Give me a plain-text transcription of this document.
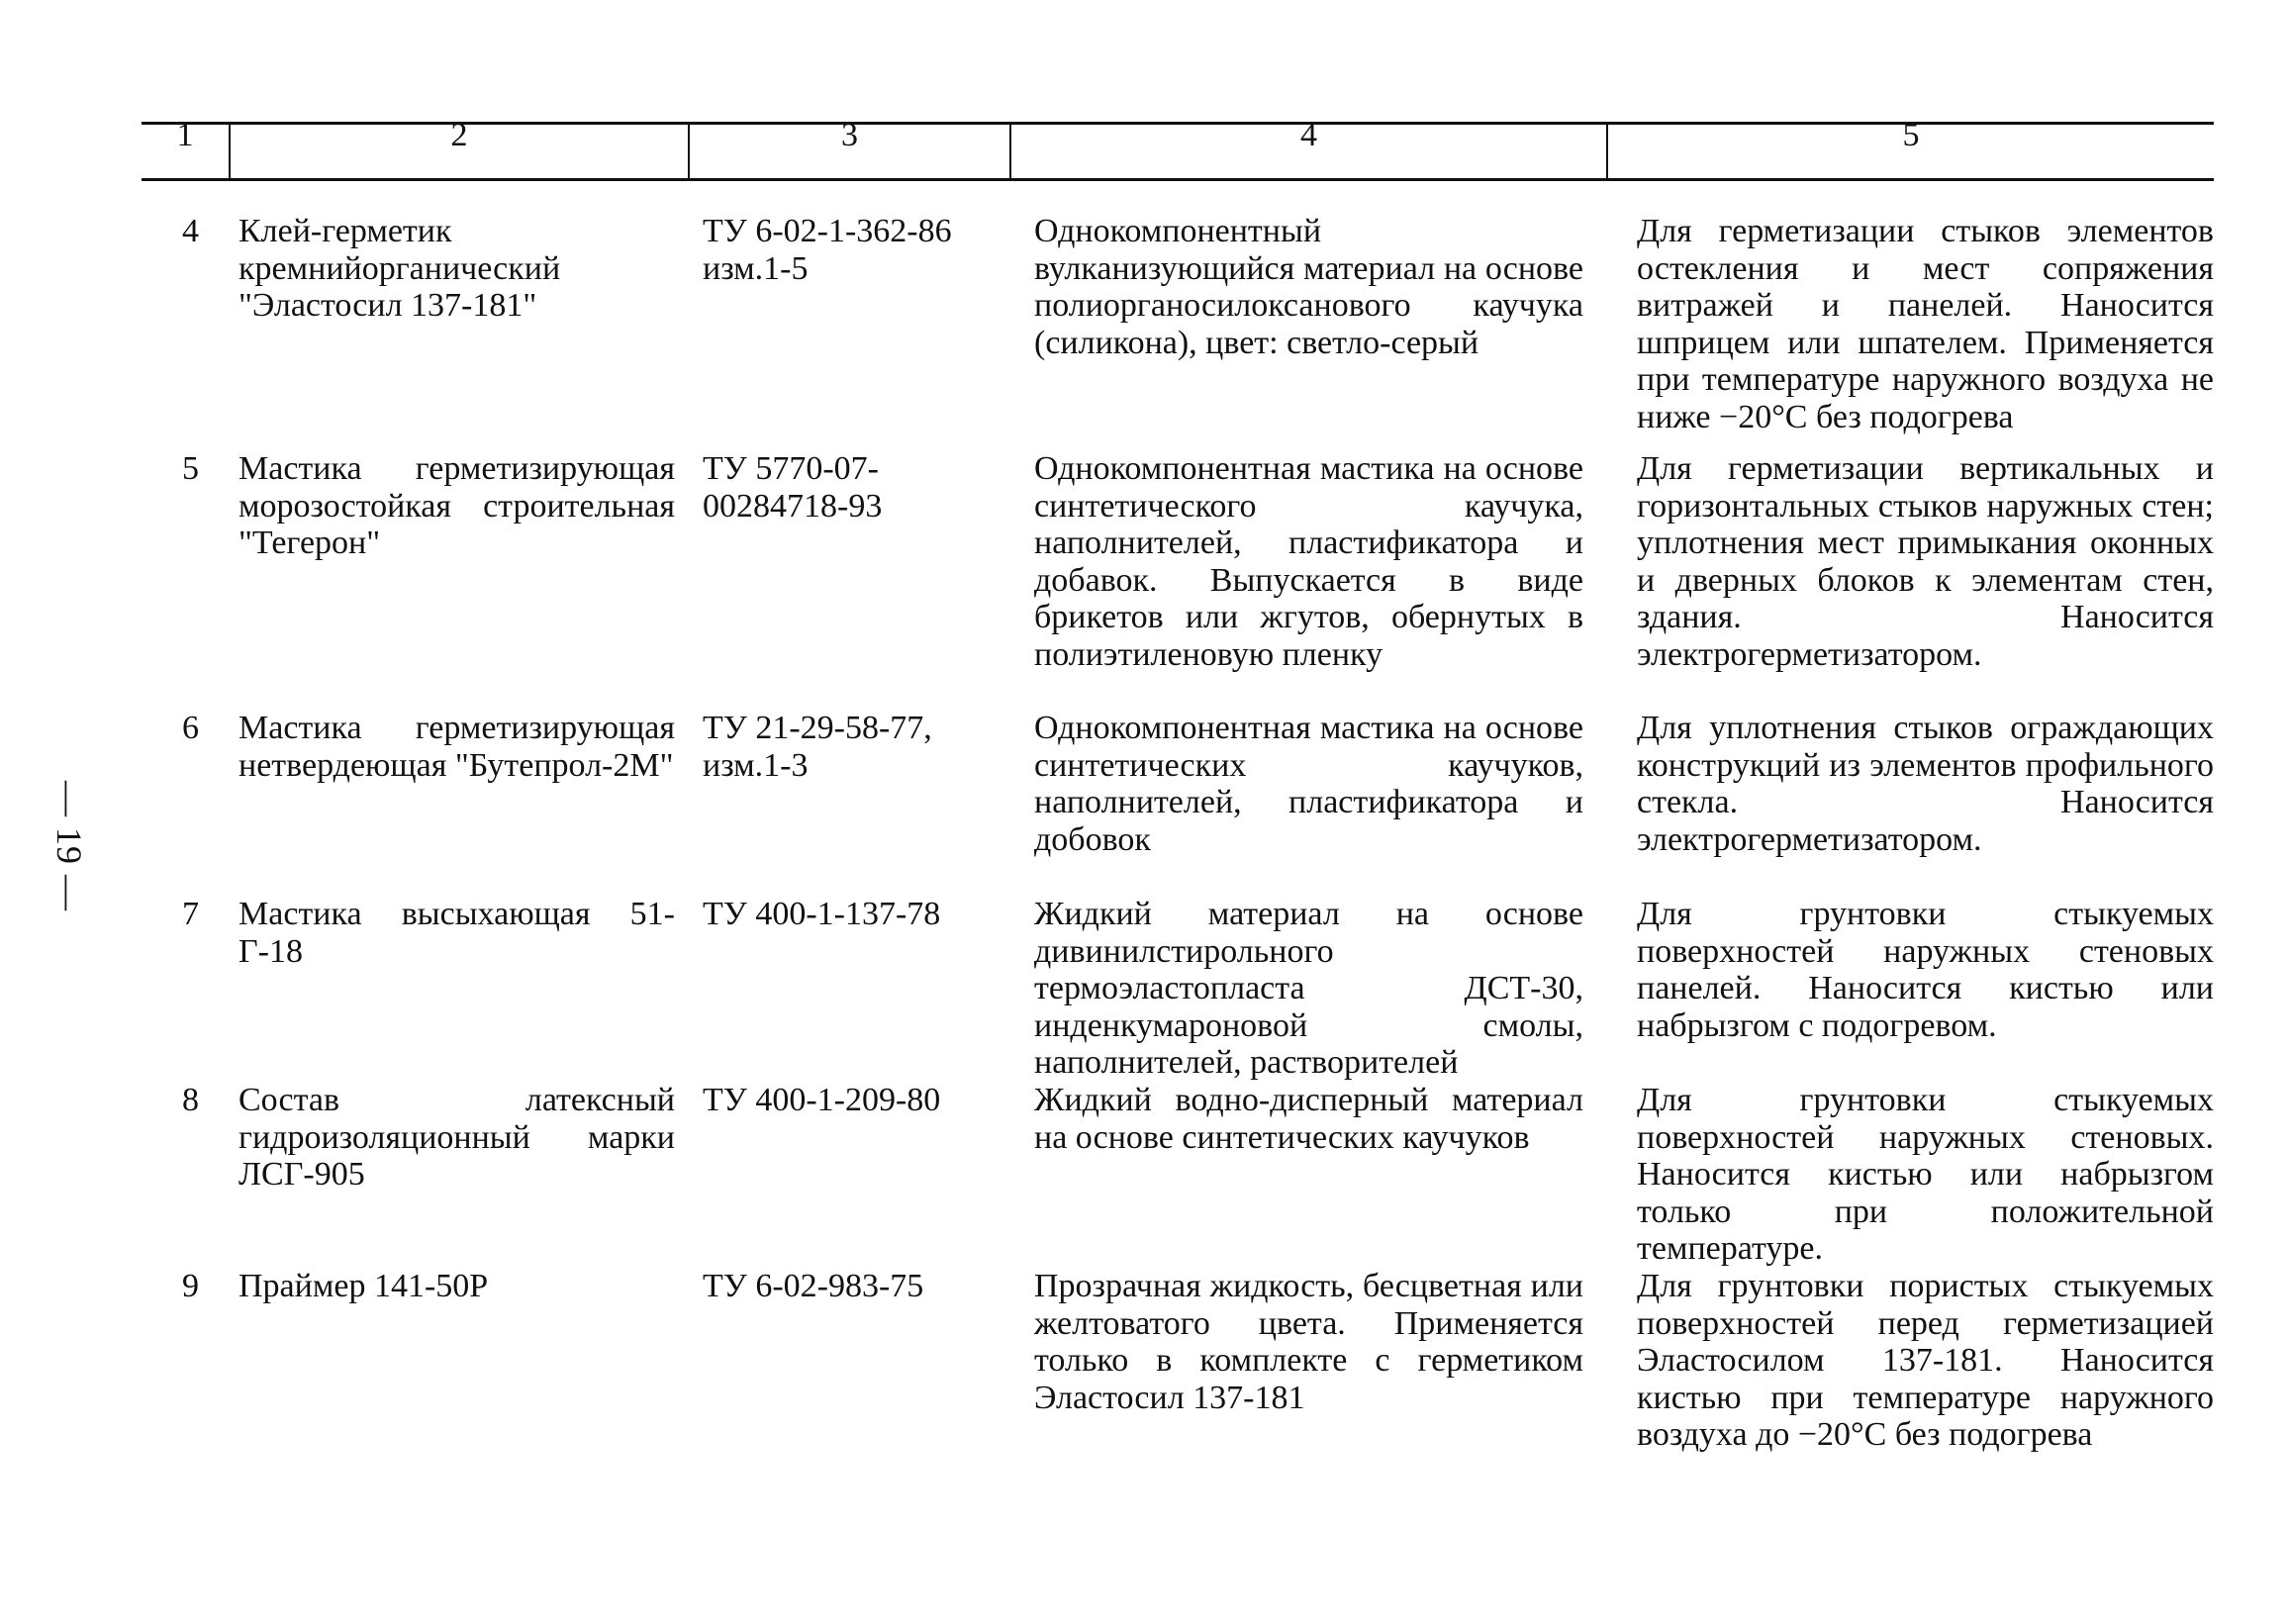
— 19 —
1	2	3	4	5
4	Клей-герметик кремнийорганический "Эластосил 137-181"	ТУ 6-02-1-362-86 изм.1-5	Однокомпонентный вулканизующийся материал на основе полиорганосилоксанового каучука (силикона), цвет: светло-серый	Для герметизации стыков элементов остекления и мест сопряжения витражей и панелей. Наносится шприцем или шпателем. Применяется при температуре наружного воздуха не ниже −20°С без подогрева
5	Мастика герметизирующая морозостойкая строительная "Тегерон"	ТУ 5770-07-00284718-93	Однокомпонентная мастика на основе синтетического каучука, наполнителей, пластификатора и добавок. Выпускается в виде брикетов или жгутов, обернутых в полиэтиленовую пленку	Для герметизации вертикальных и горизонтальных стыков наружных стен; уплотнения мест примыкания оконных и дверных блоков к элементам стен, здания. Наносится электрогерметизатором.
6	Мастика герметизирующая нетвердеющая "Бутепрол-2М"	ТУ 21-29-58-77, изм.1-3	Однокомпонентная мастика на основе синтетических каучуков, наполнителей, пластификатора и добовок	Для уплотнения стыков ограждающих конструкций из элементов профильного стекла. Наносится электрогерметизатором.
7	Мастика высыхающая 51-Г-18	ТУ 400-1-137-78	Жидкий материал на основе дивинилстирольного термоэластопласта ДСТ-30, инденкумароновой смолы, наполнителей, растворителей	Для грунтовки стыкуемых поверхностей наружных стеновых панелей. Наносится кистью или набрызгом с подогревом.
8	Состав латексный гидроизоляционный марки ЛСГ-905	ТУ 400-1-209-80	Жидкий водно-дисперный материал на основе синтетических каучуков	Для грунтовки стыкуемых поверхностей наружных стеновых. Наносится кистью или набрызгом только при положительной температуре.
9	Праймер 141-50Р	ТУ 6-02-983-75	Прозрачная жидкость, бесцветная или желтоватого цвета. Применяется только в комплекте с герметиком Эластосил 137-181	Для грунтовки пористых стыкуемых поверхностей перед герметизацией Эластосилом 137-181. Наносится кистью при температуре наружного воздуха до −20°С без подогрева
